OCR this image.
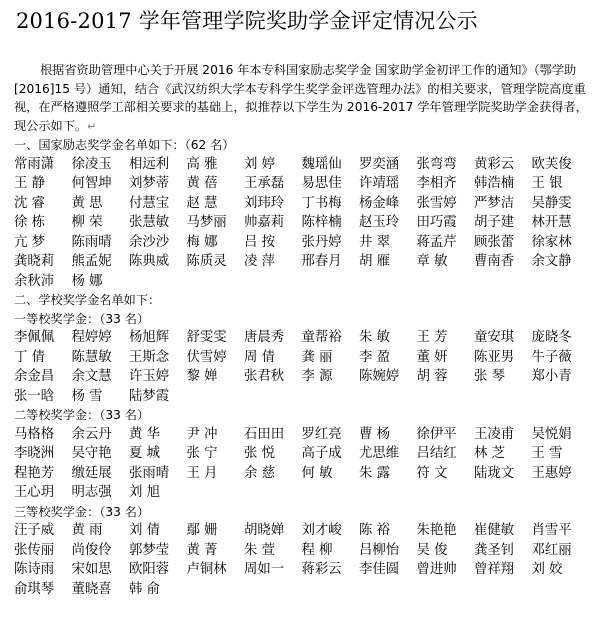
2016-2017 学年管理学院奖助学金评定情况公示
根据省资助管理中心关于开展 2016 年本专科国家励志奖学金 国家助学金初评工作的通知》（鄂学助[2016]15 号）通知，结合《武汉纺织大学本专科学生奖学金评选管理办法》的相关要求，管理学院高度重视，在严格遵照学工部相关要求的基础上，拟推荐以下学生为 2016-2017 学年管理学院奖助学金获得者，现公示如下。↵
一、国家励志奖学金名单如下：（62 名）
常雨潇	徐凌玉	相远利	高 雅	刘 婷	魏瑶仙	罗奕涵	张弯弯	黄彩云	欧芙俊
王 静	何智坤	刘梦蒂	黄 蓓	王承磊	易思佳	许靖瑶	李相齐	韩浩楠	王 银
沈 睿	黄 思	付慧宝	赵 慧	刘玮玲	丁书梅	杨金峰	张雪婷	严梦洁	吴静雯
徐 栋	柳 荣	张慧敏	马梦丽	帅嘉莉	陈梓楠	赵玉玲	田巧霞	胡子建	林开慧
亢 梦	陈雨晴	余沙沙	梅 娜	吕 按	张丹婷	井 翠	蒋孟芹	顾张蕾	徐家林
龚晓莉	熊孟妮	陈典威	陈质灵	凌 萍	邢春月	胡 雁	章 敏	曹南香	余文静
余秋沛	杨 娜
二、学校奖学金名单如下：
一等校奖学金：（33 名）
李佩佩	程婷婷	杨旭辉	舒雯雯	唐晨秀	童帮裕	朱 敏	王 芳	童安琪	庞晓冬
丁 倩	陈慧敏	王斯念	伏雪婷	周 倩	龚 丽	李 盈	董 妍	陈亚男	牛子薇
余金昌	余文慧	许玉婷	黎 婵	张君秋	李 源	陈婉婷	胡 蓉	张 琴	郑小青
张一晗	杨 雪	陆梦霞
二等校奖学金：（33 名）
马格格	余云丹	黄 华	尹 冲	石田田	罗红亮	曹 杨	徐伊平	王凌甫	吴悦娟
李晓洲	吴守艳	夏 城	张 宁	张 悦	高子成	尤思维	吕结红	林 芝	王 雪
程艳芳	缴廷展	张雨晴	王 月	余 慈	何 敏	朱 露	符 文	陆珑文	王惠婷
王心玥	明志强	刘 旭
三等校奖学金：（33 名）
汪子威	黄 雨	刘 倩	鄢 姗	胡晓婵	刘才峻	陈 裕	朱艳艳	崔健敏	肖雪平
张传丽	尚俊伶	郭梦莹	黄 菁	朱 萱	程 柳	吕柳怡	吴 俊	龚圣钊	邓红丽
陈诗雨	宋如思	欧阳蓉	卢铜林	周如一	蒋彩云	李佳圆	曾进帅	曾祥翔	刘 姣
俞琪琴	董晓喜	韩 俞
